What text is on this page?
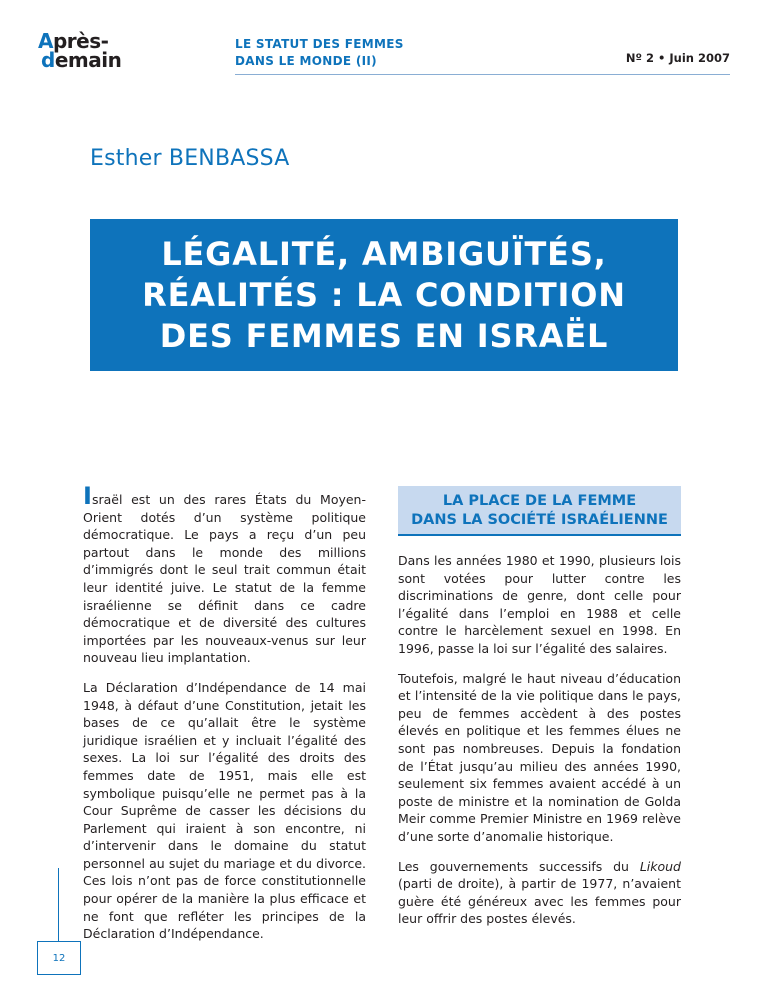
Après-
demain
LE STATUT DES FEMMES
DANS LE MONDE (II)	Nº 2 • Juin 2007
Esther BENBASSA
LÉGALITÉ, AMBIGUÏTÉS,
RÉALITÉS : LA CONDITION
DES FEMMES EN ISRAËL

Israël est un des rares États du Moyen-Orient dotés d’un système politique démocratique. Le pays a reçu d’un peu partout dans le monde des millions d’immigrés dont le seul trait commun était leur identité juive. Le statut de la femme israélienne se définit dans ce cadre démocratique et de diversité des cultures importées par les nouveaux-venus sur leur nouveau lieu implantation.

La Déclaration d’Indépendance de 14 mai 1948, à défaut d’une Constitution, jetait les bases de ce qu’allait être le système juridique israélien et y incluait l’égalité des sexes. La loi sur l’égalité des droits des femmes date de 1951, mais elle est symbolique puisqu’elle ne permet pas à la Cour Suprême de casser les décisions du Parlement qui iraient à son encontre, ni d’intervenir dans le domaine du statut personnel au sujet du mariage et du divorce. Ces lois n’ont pas de force constitutionnelle pour opérer de la manière la plus efficace et ne font que refléter les principes de la Déclaration d’Indépendance.

LA PLACE DE LA FEMME
DANS LA SOCIÉTÉ ISRAÉLIENNE

Dans les années 1980 et 1990, plusieurs lois sont votées pour lutter contre les discriminations de genre, dont celle pour l’égalité dans l’emploi en 1988 et celle contre le harcèlement sexuel en 1998. En 1996, passe la loi sur l’égalité des salaires.

Toutefois, malgré le haut niveau d’éducation et l’intensité de la vie politique dans le pays, peu de femmes accèdent à des postes élevés en politique et les femmes élues ne sont pas nombreuses. Depuis la fondation de l’État jusqu’au milieu des années 1990, seulement six femmes avaient accédé à un poste de ministre et la nomination de Golda Meir comme Premier Ministre en 1969 relève d’une sorte d’anomalie historique.

Les gouvernements successifs du Likoud (parti de droite), à partir de 1977, n’avaient guère été généreux avec les femmes pour leur offrir des postes élevés.

12
